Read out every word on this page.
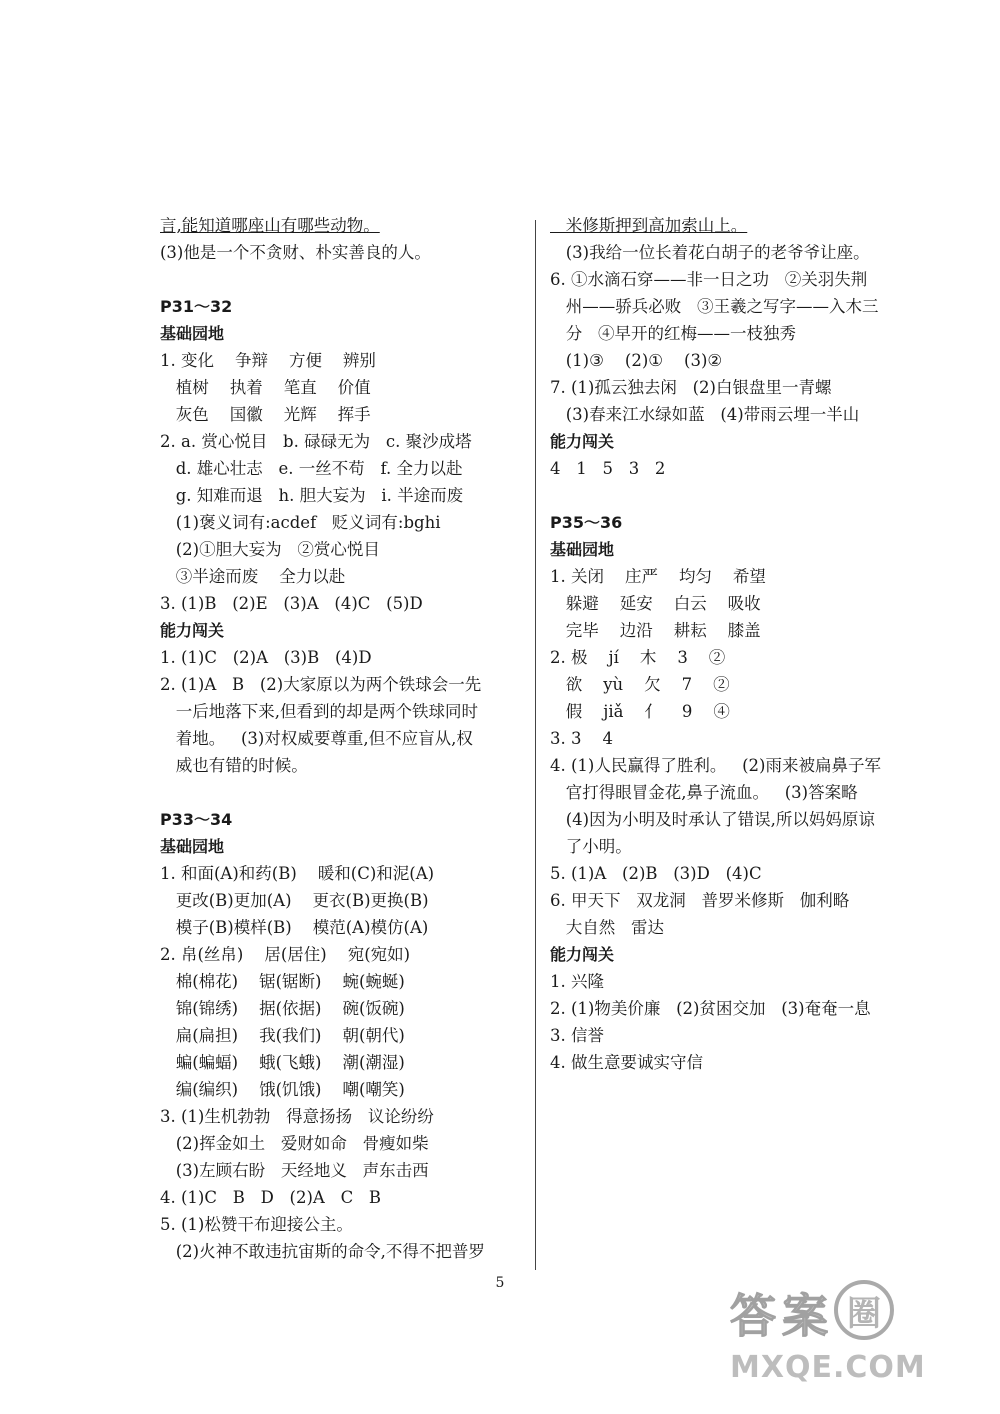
言,能知道哪座山有哪些动物。
(3)他是一个不贪财、朴实善良的人。
P31～32
基础园地
1. 变化    争辩    方便    辨别
植树    执着    笔直    价值
灰色    国徽    光辉    挥手
2. a. 赏心悦目   b. 碌碌无为   c. 聚沙成塔
d. 雄心壮志   e. 一丝不苟   f. 全力以赴
g. 知难而退   h. 胆大妄为   i. 半途而废
(1)褒义词有:acdef   贬义词有:bghi
(2)①胆大妄为   ②赏心悦目
③半途而废    全力以赴
3. (1)B   (2)E   (3)A   (4)C   (5)D
能力闯关
1. (1)C   (2)A   (3)B   (4)D
2. (1)A   B   (2)大家原以为两个铁球会一先
一后地落下来,但看到的却是两个铁球同时
着地。   (3)对权威要尊重,但不应盲从,权
威也有错的时候。
P33～34
基础园地
1. 和面(A)和药(B)    暖和(C)和泥(A)
更改(B)更加(A)    更衣(B)更换(B)
模子(B)模样(B)    模范(A)模仿(A)
2. 帛(丝帛)    居(居住)    宛(宛如)
棉(棉花)    锯(锯断)    蜿(蜿蜒)
锦(锦绣)    据(依据)    碗(饭碗)
扁(扁担)    我(我们)    朝(朝代)
蝙(蝙蝠)    蛾(飞蛾)    潮(潮湿)
编(编织)    饿(饥饿)    嘲(嘲笑)
3. (1)生机勃勃   得意扬扬   议论纷纷
(2)挥金如土   爱财如命   骨瘦如柴
(3)左顾右盼   天经地义   声东击西
4. (1)C   B   D   (2)A   C   B
5. (1)松赞干布迎接公主。
(2)火神不敢违抗宙斯的命令,不得不把普罗
米修斯押到高加索山上。
(3)我给一位长着花白胡子的老爷爷让座。
6. ①水滴石穿——非一日之功   ②关羽失荆
州——骄兵必败   ③王羲之写字——入木三
分   ④早开的红梅——一枝独秀
(1)③    (2)①    (3)②
7. (1)孤云独去闲   (2)白银盘里一青螺
(3)春来江水绿如蓝   (4)带雨云埋一半山
能力闯关
4   1   5   3   2
P35～36
基础园地
1. 关闭    庄严    均匀    希望
躲避    延安    白云    吸收
完毕    边沿    耕耘    膝盖
2. 极    jí    木    3    ②
欲    yù    欠    7    ②
假    jiǎ    亻    9    ④
3. 3    4
4. (1)人民赢得了胜利。   (2)雨来被扁鼻子军
官打得眼冒金花,鼻子流血。   (3)答案略
(4)因为小明及时承认了错误,所以妈妈原谅
了小明。
5. (1)A   (2)B   (3)D   (4)C
6. 甲天下   双龙洞   普罗米修斯   伽利略
大自然   雷达
能力闯关
1. 兴隆
2. (1)物美价廉   (2)贫困交加   (3)奄奄一息
3. 信誉
4. 做生意要诚实守信
5
答 案 圈
MXQE.COM
